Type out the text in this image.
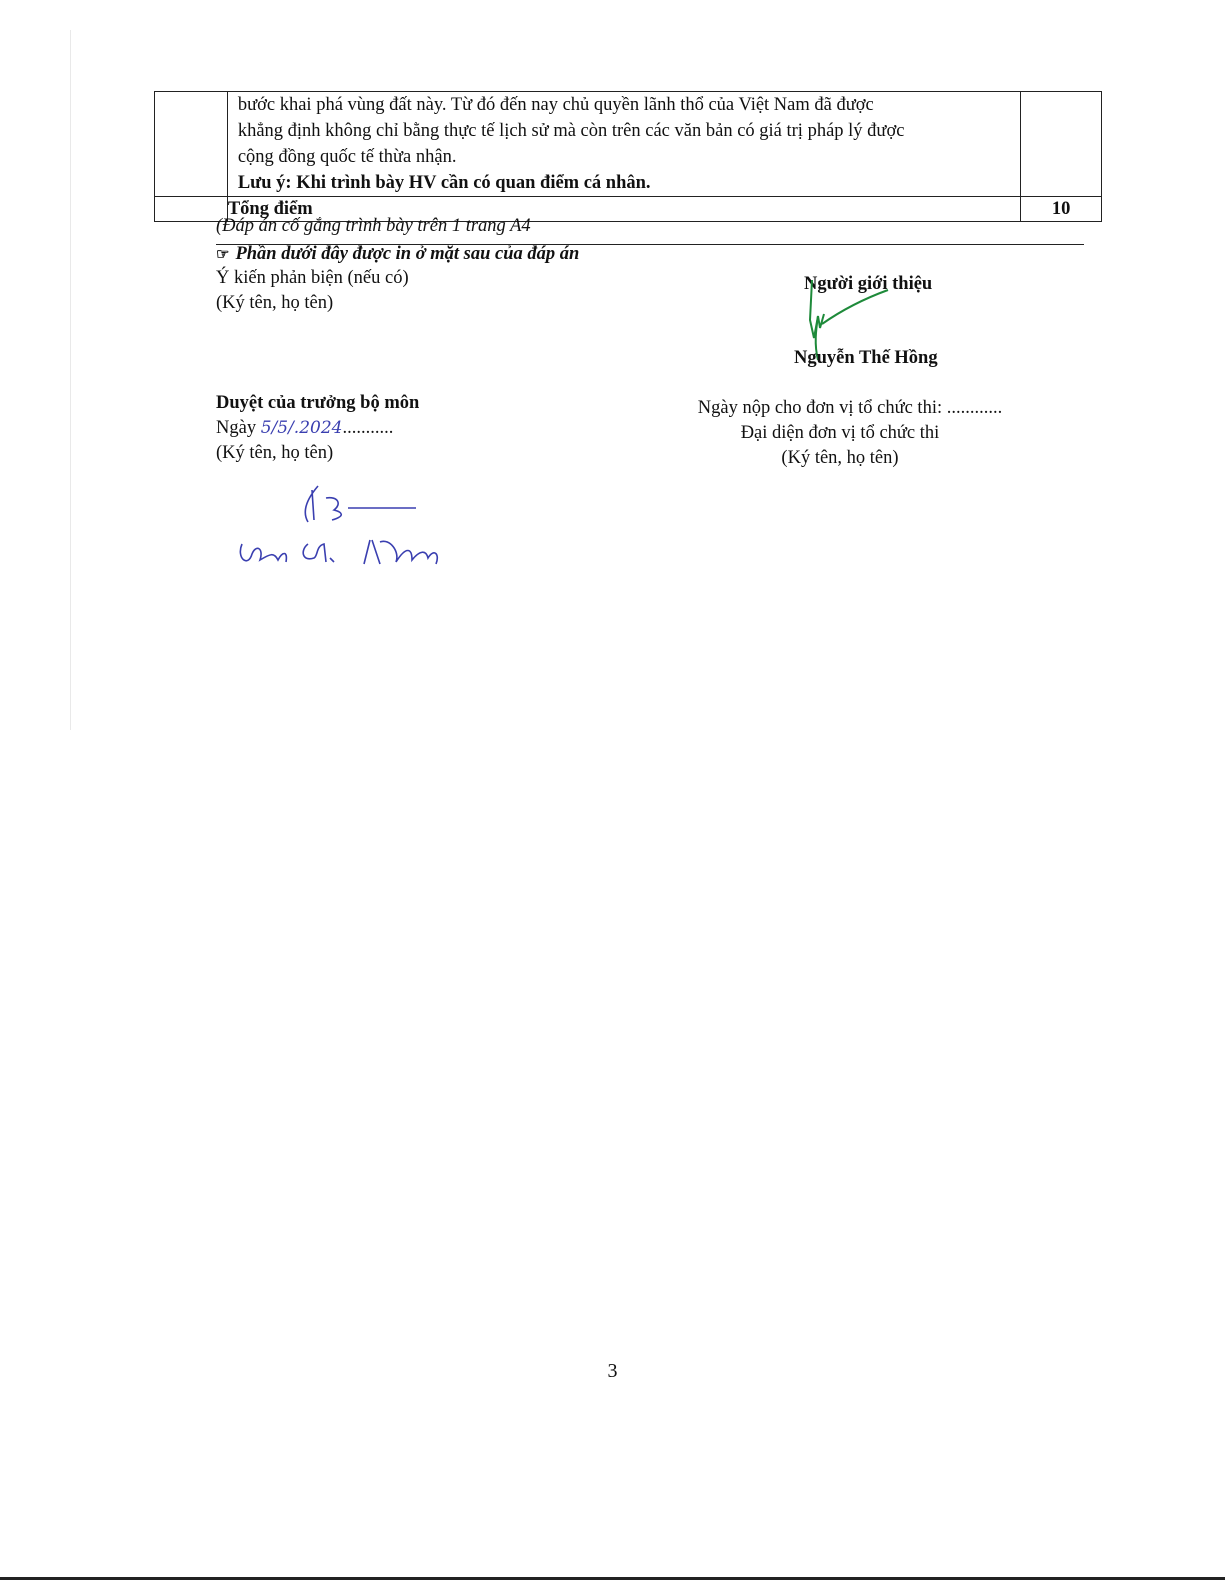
	bước khai phá vùng đất này. Từ đó đến nay chủ quyền lãnh thổ của Việt Nam đã được
khẳng định không chỉ bằng thực tế lịch sử mà còn trên các văn bản có giá trị pháp lý được
cộng đồng quốc tế thừa nhận.
Lưu ý: Khi trình bày HV cần có quan điểm cá nhân.	

	Tổng điểm	10
(Đáp án cố gắng trình bày trên 1 trang A4
☞ Phần dưới đây được in ở mặt sau của đáp án
Ý kiến phản biện (nếu có)
(Ký tên, họ tên)
Người giới thiệu
Nguyễn Thế Hồng
Duyệt của trưởng bộ môn
Ngày 5/5/.2024...........
(Ký tên, họ tên)
Ngày nộp cho đơn vị tổ chức thi: ............
Đại diện đơn vị tổ chức thi
(Ký tên, họ tên)
3
